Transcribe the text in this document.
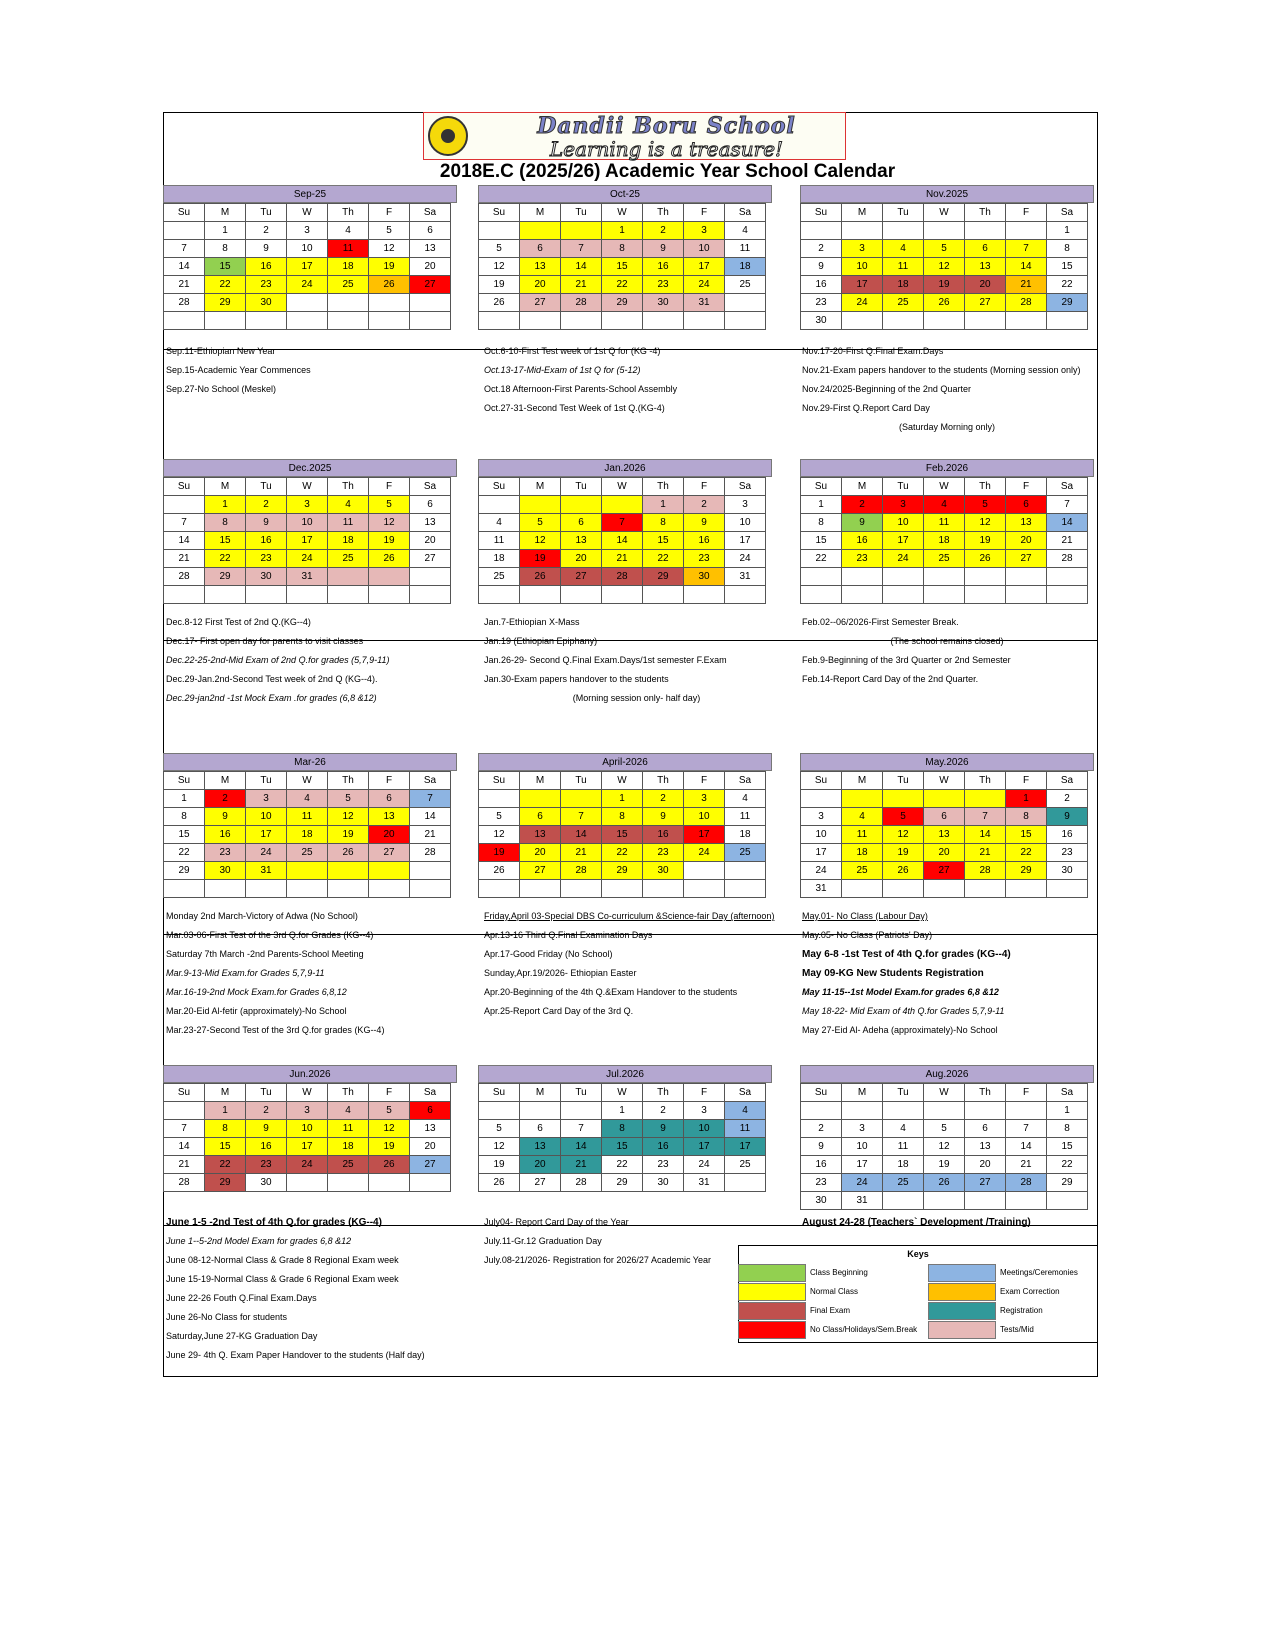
Dandii Boru School
Learning is a treasure!
2018E.C (2025/26) Academic Year School Calendar
Sep-25
Su	M	Tu	W	Th	F	Sa
	1	2	3	4	5	6
7	8	9	10	11	12	13
14	15	16	17	18	19	20
21	22	23	24	25	26	27
28	29	30				

Oct-25
Su	M	Tu	W	Th	F	Sa
			1	2	3	4
5	6	7	8	9	10	11
12	13	14	15	16	17	18
19	20	21	22	23	24	25
26	27	28	29	30	31	

Nov.2025
Su	M	Tu	W	Th	F	Sa
						1
2	3	4	5	6	7	8
9	10	11	12	13	14	15
16	17	18	19	20	21	22
23	24	25	26	27	28	29
30						
Dec.2025
Su	M	Tu	W	Th	F	Sa
	1	2	3	4	5	6
7	8	9	10	11	12	13
14	15	16	17	18	19	20
21	22	23	24	25	26	27
28	29	30	31			

Jan.2026
Su	M	Tu	W	Th	F	Sa
				1	2	3
4	5	6	7	8	9	10
11	12	13	14	15	16	17
18	19	20	21	22	23	24
25	26	27	28	29	30	31

Feb.2026
Su	M	Tu	W	Th	F	Sa
1	2	3	4	5	6	7
8	9	10	11	12	13	14
15	16	17	18	19	20	21
22	23	24	25	26	27	28

Mar-26
Su	M	Tu	W	Th	F	Sa
1	2	3	4	5	6	7
8	9	10	11	12	13	14
15	16	17	18	19	20	21
22	23	24	25	26	27	28
29	30	31				

April-2026
Su	M	Tu	W	Th	F	Sa
			1	2	3	4
5	6	7	8	9	10	11
12	13	14	15	16	17	18
19	20	21	22	23	24	25
26	27	28	29	30		

May.2026
Su	M	Tu	W	Th	F	Sa
					1	2
3	4	5	6	7	8	9
10	11	12	13	14	15	16
17	18	19	20	21	22	23
24	25	26	27	28	29	30
31						
Jun.2026
Su	M	Tu	W	Th	F	Sa
	1	2	3	4	5	6
7	8	9	10	11	12	13
14	15	16	17	18	19	20
21	22	23	24	25	26	27
28	29	30				
Jul.2026
Su	M	Tu	W	Th	F	Sa
			1	2	3	4
5	6	7	8	9	10	11
12	13	14	15	16	17	17
19	20	21	22	23	24	25
26	27	28	29	30	31	
Aug.2026
Su	M	Tu	W	Th	F	Sa
						1
2	3	4	5	6	7	8
9	10	11	12	13	14	15
16	17	18	19	20	21	22
23	24	25	26	27	28	29
30	31					
Sep.11-Ethiopian New Year
Sep.15-Academic Year Commences
Sep.27-No School (Meskel)
Oct.6-10-First Test week of 1st Q for (KG -4)
Oct.13-17-Mid-Exam of 1st Q for (5-12)
Oct.18 Afternoon-First Parents-School Assembly
Oct.27-31-Second Test Week of 1st Q.(KG-4)
Nov.17-20-First Q.Final Exam.Days
Nov.21-Exam papers handover to the students (Morning session only)
Nov.24/2025-Beginning of the 2nd Quarter
Nov.29-First Q.Report Card Day
(Saturday Morning only)
Dec.8-12 First Test of 2nd Q.(KG--4)
Dec.17- First open day for parents to visit classes
Dec.22-25-2nd-Mid Exam of 2nd Q.for grades (5,7,9-11)
Dec.29-Jan.2nd-Second Test week of 2nd Q (KG--4).
Dec.29-jan2nd -1st Mock Exam .for grades (6,8 &12)
Jan.7-Ethiopian X-Mass
Jan.19 (Ethiopian Epiphany)
Jan.26-29- Second Q.Final Exam.Days/1st semester F.Exam
Jan.30-Exam papers handover to the students
(Morning session only- half day)
Feb.02--06/2026-First Semester Break.
(The school remains closed)
Feb.9-Beginning of the 3rd Quarter or 2nd Semester
Feb.14-Report Card Day of the 2nd Quarter.
Monday 2nd March-Victory of Adwa (No School)
Mar.03-06-First Test of the 3rd Q.for Grades (KG--4)
Saturday 7th March -2nd Parents-School Meeting
Mar.9-13-Mid Exam.for Grades 5,7,9-11
Mar.16-19-2nd Mock Exam.for Grades 6,8,12
Mar.20-Eid Al-fetir (approximately)-No School
Mar.23-27-Second Test of the 3rd Q.for grades (KG--4)
Friday,April 03-Special DBS Co-curriculum &Science-fair Day (afternoon)
Apr.13-16 Third Q.Final Examination Days
Apr.17-Good Friday (No School)
Sunday,Apr.19/2026- Ethiopian Easter
Apr.20-Beginning of the 4th Q.&Exam Handover to the students
Apr.25-Report Card Day of the 3rd Q.
May.01- No Class (Labour Day)
May.05- No Class (Patriots' Day)
May 6-8 -1st Test of 4th Q.for grades (KG--4)
May 09-KG New Students Registration
May 11-15--1st Model Exam.for grades 6,8 &12
May 18-22- Mid Exam of 4th Q.for Grades 5,7,9-11
May 27-Eid Al- Adeha (approximately)-No School
June 1-5 -2nd Test of 4th Q.for grades (KG--4)
June 1--5-2nd Model Exam for grades 6,8 &12
June 08-12-Normal Class & Grade 8 Regional Exam week
June 15-19-Normal Class & Grade 6 Regional Exam week
June 22-26 Fouth Q.Final Exam.Days
June 26-No Class for students
Saturday,June 27-KG Graduation Day
June 29- 4th Q. Exam Paper Handover to the students (Half day)
July04- Report Card Day of the Year
July.11-Gr.12 Graduation Day
July.08-21/2026- Registration for 2026/27 Academic Year
August 24-28 (Teachers` Development /Training)
Keys
Class Beginning	Meetings/Ceremonies
Normal Class	Exam Correction
Final Exam	Registration
No Class/Holidays/Sem.Break	Tests/Mid
